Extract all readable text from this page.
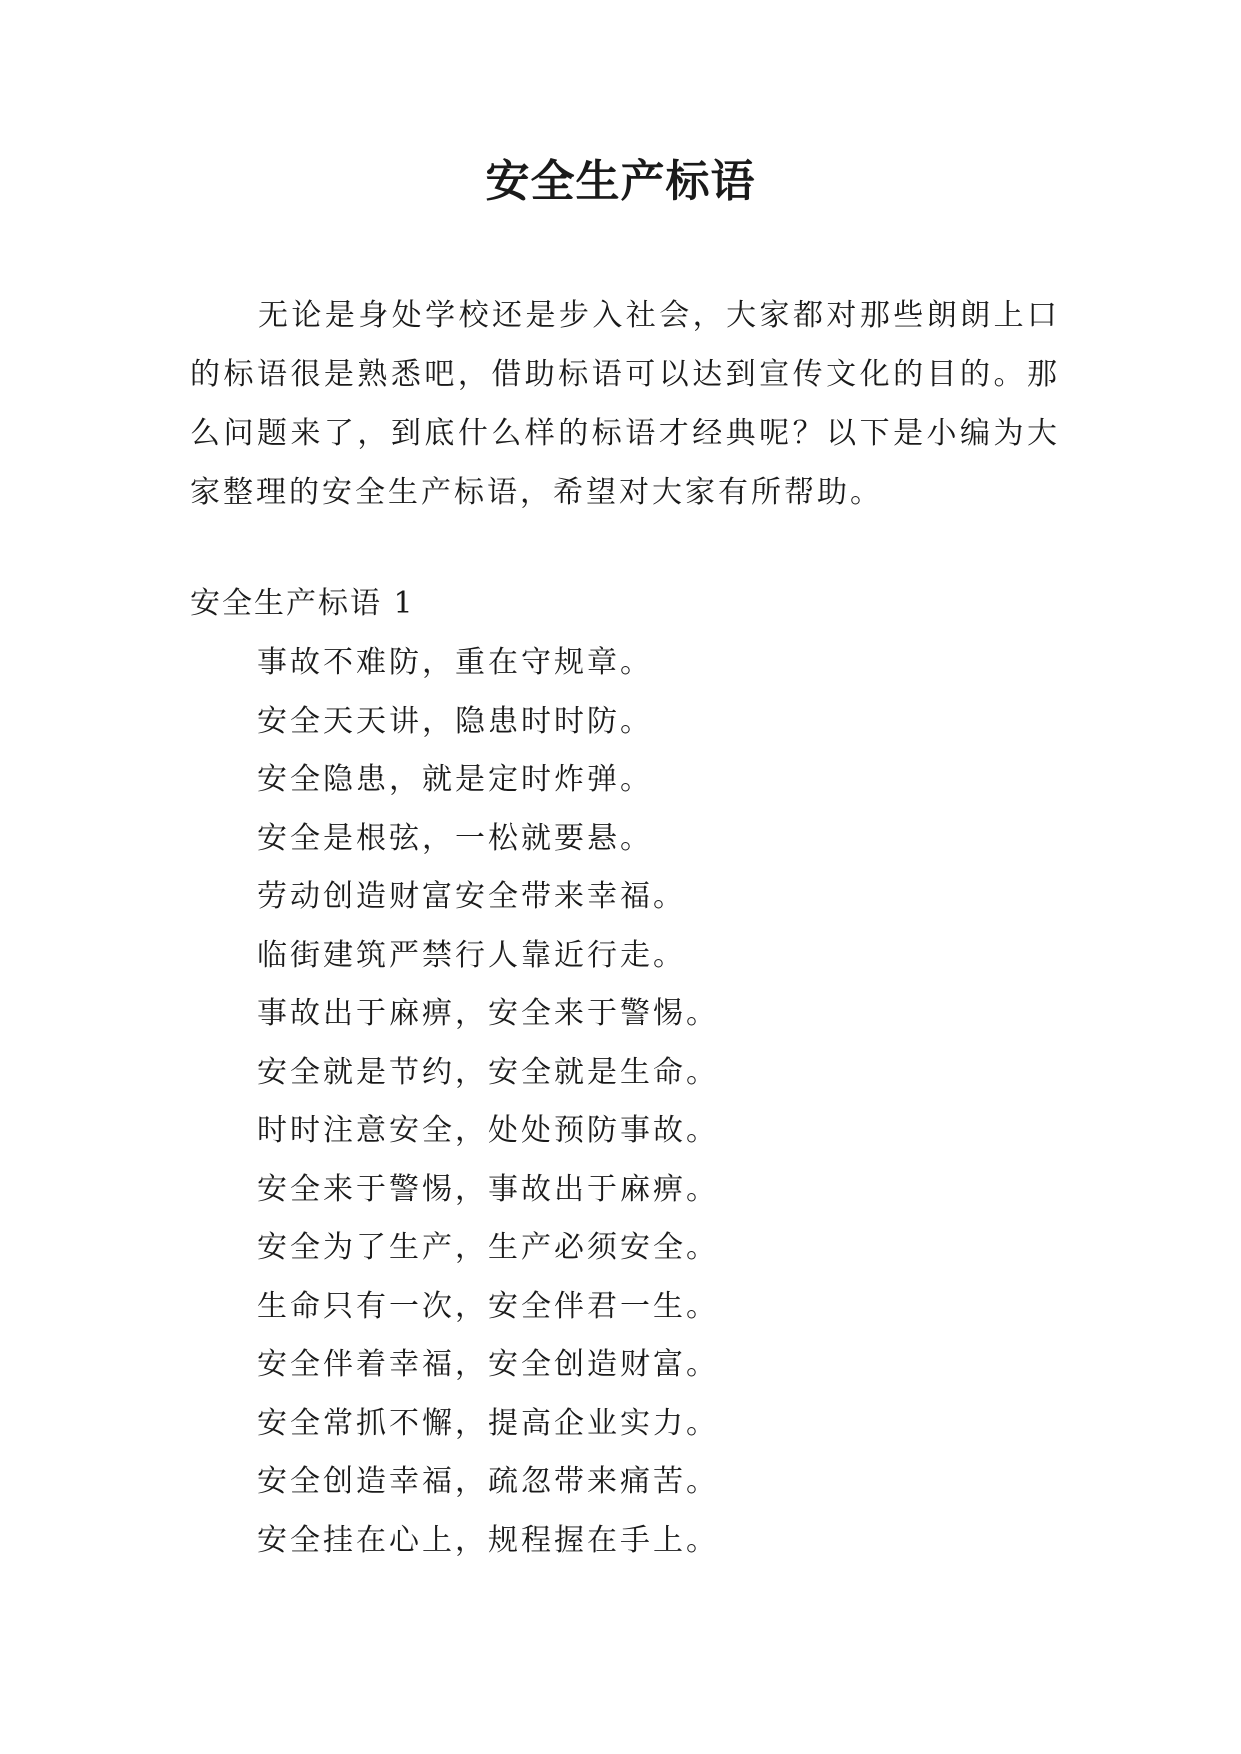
安全生产标语

无论是身处学校还是步入社会，大家都对那些朗朗上口的标语很是熟悉吧，借助标语可以达到宣传文化的目的。那么问题来了，到底什么样的标语才经典呢？以下是小编为大家整理的安全生产标语，希望对大家有所帮助。

安全生产标语 1

事故不难防，重在守规章。
安全天天讲，隐患时时防。
安全隐患，就是定时炸弹。
安全是根弦，一松就要悬。
劳动创造财富安全带来幸福。
临街建筑严禁行人靠近行走。
事故出于麻痹，安全来于警惕。
安全就是节约，安全就是生命。
时时注意安全，处处预防事故。
安全来于警惕，事故出于麻痹。
安全为了生产，生产必须安全。
生命只有一次，安全伴君一生。
安全伴着幸福，安全创造财富。
安全常抓不懈，提高企业实力。
安全创造幸福，疏忽带来痛苦。
安全挂在心上，规程握在手上。
